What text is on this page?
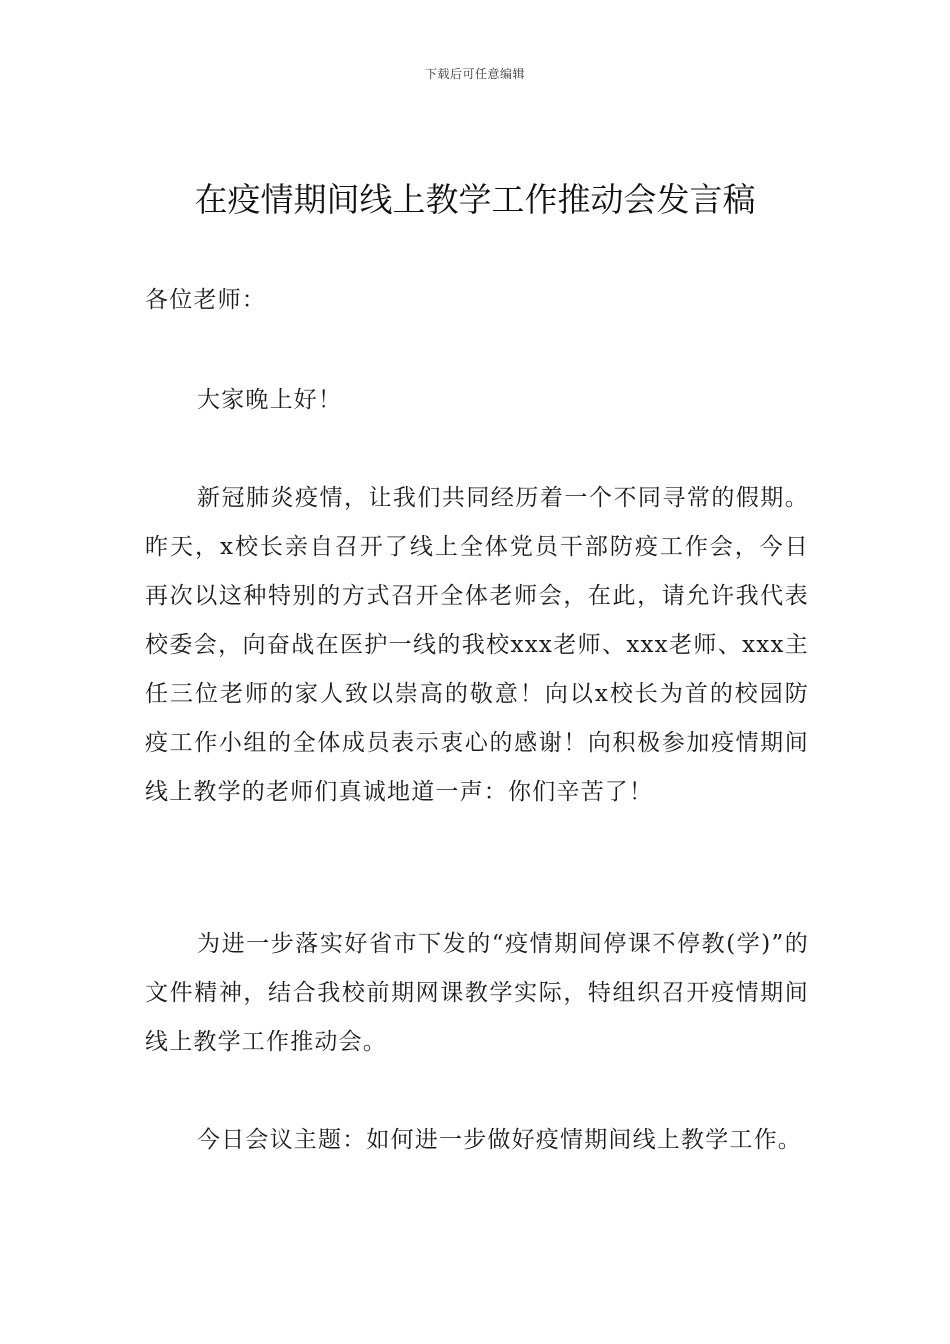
下载后可任意编辑
在疫情期间线上教学工作推动会发言稿

各位老师：

大家晚上好！

新冠肺炎疫情，让我们共同经历着一个不同寻常的假期。昨天，x校长亲自召开了线上全体党员干部防疫工作会，今日再次以这种特别的方式召开全体老师会，在此，请允许我代表校委会，向奋战在医护一线的我校xxx老师、xxx老师、xxx主任三位老师的家人致以崇高的敬意！向以x校长为首的校园防疫工作小组的全体成员表示衷心的感谢！向积极参加疫情期间线上教学的老师们真诚地道一声：你们辛苦了！

为进一步落实好省市下发的“疫情期间停课不停教(学)”的文件精神，结合我校前期网课教学实际，特组织召开疫情期间线上教学工作推动会。

今日会议主题：如何进一步做好疫情期间线上教学工作。
